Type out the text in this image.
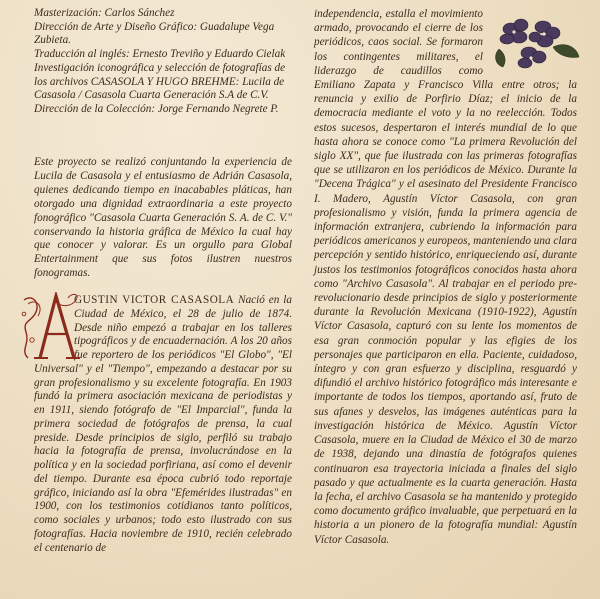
Masterización: Carlos Sánchez

Dirección de Arte y Diseño Gráfico: Guadalupe Vega Zubieta.

Traducción al inglés: Ernesto Treviño y Eduardo Cielak

Investigación iconográfica y selección de fotografías de los archivos CASASOLA Y HUGO BREHME: Lucila de Casasola / Casasola Cuarta Generación S.A de C.V.

Dirección de la Colección: Jorge Fernando Negrete P.

Este proyecto se realizó conjuntando la experiencia de Lucila de Casasola y el entusiasmo de Adrián Casasola, quienes dedicando tiempo en inacabables pláticas, han otorgado una dignidad extraordinaria a este proyecto fonográfico "Casasola Cuarta Generación S. A. de C. V." conservando la historia gráfica de México la cual hay que conocer y valorar. Es un orgullo para Global Entertainment que sus fotos ilustren nuestros fonogramas.

GUSTIN VICTOR CASASOLA Nació en la Ciudad de México, el 28 de julio de 1874. Desde niño empezó a trabajar en los talleres tipográficos y de encuadernación. A los 20 años fue reportero de los periódicos "El Globo", "El Universal" y el "Tiempo", empezando a destacar por su gran profesionalismo y su excelente fotografía. En 1903 fundó la primera asociación mexicana de periodistas y en 1911, siendo fotógrafo de "El Imparcial", funda la primera sociedad de fotógrafos de prensa, la cual preside. Desde principios de siglo, perfiló su trabajo hacia la fotografía de prensa, involucrándose en la política y en la sociedad porfiriana, así como el devenir del tiempo. Durante esa época cubrió todo reportaje gráfico, iniciando así la obra "Efemérides ilustradas" en 1900, con los testimonios cotidianos tanto políticos, como sociales y urbanos; todo esto ilustrado con sus fotografías. Hacia noviembre de 1910, recién celebrado el centenario de
independencia, estalla el movimiento armado, provocando el cierre de los periódicos, caos social. Se formaron los contingentes militares, el liderazgo de caudillos como Emiliano Zapata y Francisco Villa entre otros; la renuncia y exilio de Porfirio Díaz; el inicio de la democracia mediante el voto y la no reelección. Todos estos sucesos, despertaron el interés mundial de lo que hasta ahora se conoce como "La primera Revolución del siglo XX", que fue ilustrada con las primeras fotografías que se utilizaron en los periódicos de México. Durante la "Decena Trágica" y el asesinato del Presidente Francisco I. Madero, Agustín Víctor Casasola, con gran profesionalismo y visión, funda la primera agencia de información extranjera, cubriendo la información para periódicos americanos y europeos, manteniendo una clara percepción y sentido histórico, enriqueciendo así, durante justos los testimonios fotográficos conocidos hasta ahora como "Archivo Casasola". Al trabajar en el periodo pre-revolucionario desde principios de siglo y posteriormente durante la Revolución Mexicana (1910-1922), Agustín Víctor Casasola, capturó con su lente los momentos de esa gran conmoción popular y las efigies de los personajes que participaron en ella. Paciente, cuidadoso, íntegro y con gran esfuerzo y disciplina, resguardó y difundió el archivo histórico fotográfico más interesante e importante de todos los tiempos, aportando así, fruto de sus afanes y desvelos, las imágenes auténticas para la investigación histórica de México. Agustín Víctor Casasola, muere en la Ciudad de México el 30 de marzo de 1938, dejando una dinastía de fotógrafos quienes continuaron esa trayectoria iniciada a finales del siglo pasado y que actualmente es la cuarta generación. Hasta la fecha, el archivo Casasola se ha mantenido y protegido como documento gráfico invaluable, que perpetuará en la historia a un pionero de la fotografía mundial: Agustín Víctor Casasola.
